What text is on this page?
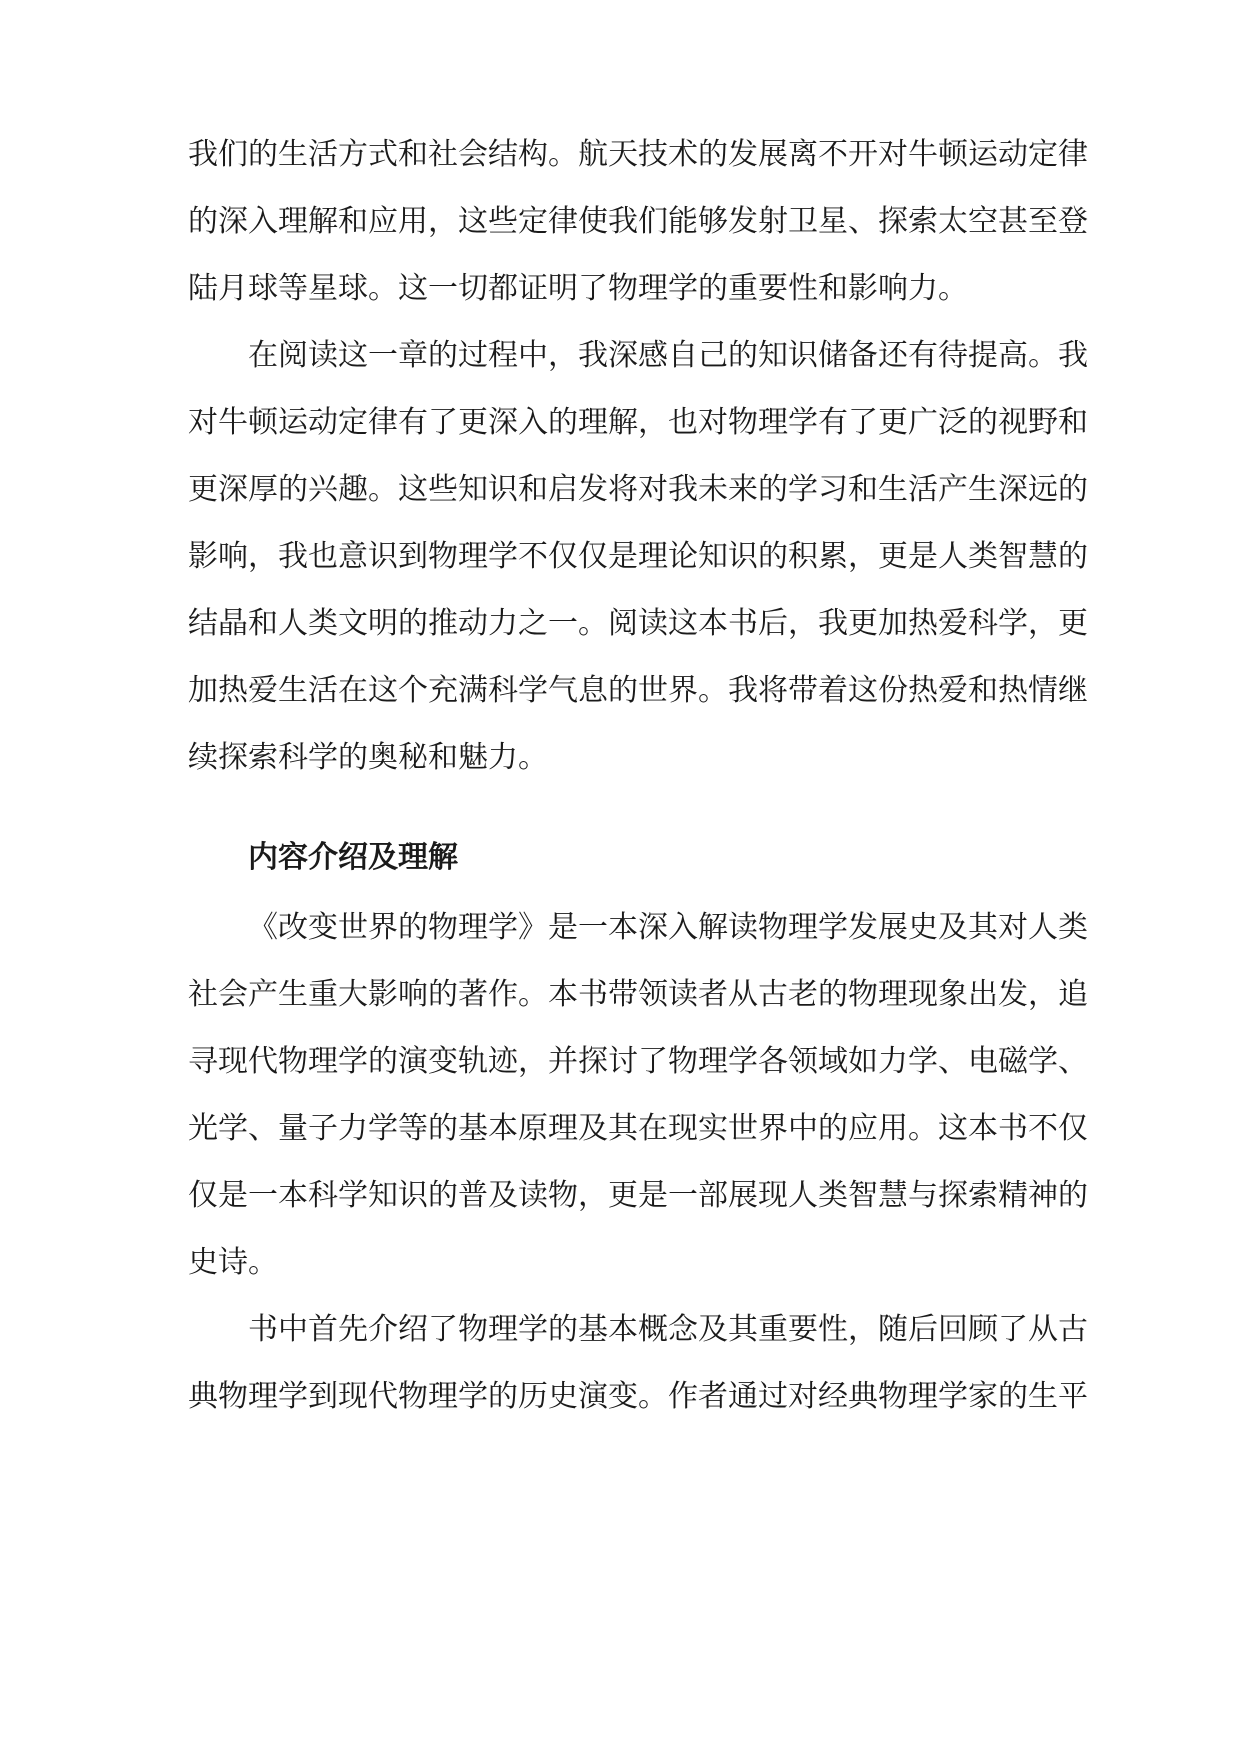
我们的生活方式和社会结构。航天技术的发展离不开对牛顿运动定律
的深入理解和应用，这些定律使我们能够发射卫星、探索太空甚至登
陆月球等星球。这一切都证明了物理学的重要性和影响力。
在阅读这一章的过程中，我深感自己的知识储备还有待提高。我
对牛顿运动定律有了更深入的理解，也对物理学有了更广泛的视野和
更深厚的兴趣。这些知识和启发将对我未来的学习和生活产生深远的
影响，我也意识到物理学不仅仅是理论知识的积累，更是人类智慧的
结晶和人类文明的推动力之一。阅读这本书后，我更加热爱科学，更
加热爱生活在这个充满科学气息的世界。我将带着这份热爱和热情继
续探索科学的奥秘和魅力。
内容介绍及理解
《改变世界的物理学》是一本深入解读物理学发展史及其对人类
社会产生重大影响的著作。本书带领读者从古老的物理现象出发，追
寻现代物理学的演变轨迹，并探讨了物理学各领域如力学、电磁学、
光学、量子力学等的基本原理及其在现实世界中的应用。这本书不仅
仅是一本科学知识的普及读物，更是一部展现人类智慧与探索精神的
史诗。
书中首先介绍了物理学的基本概念及其重要性，随后回顾了从古
典物理学到现代物理学的历史演变。作者通过对经典物理学家的生平
